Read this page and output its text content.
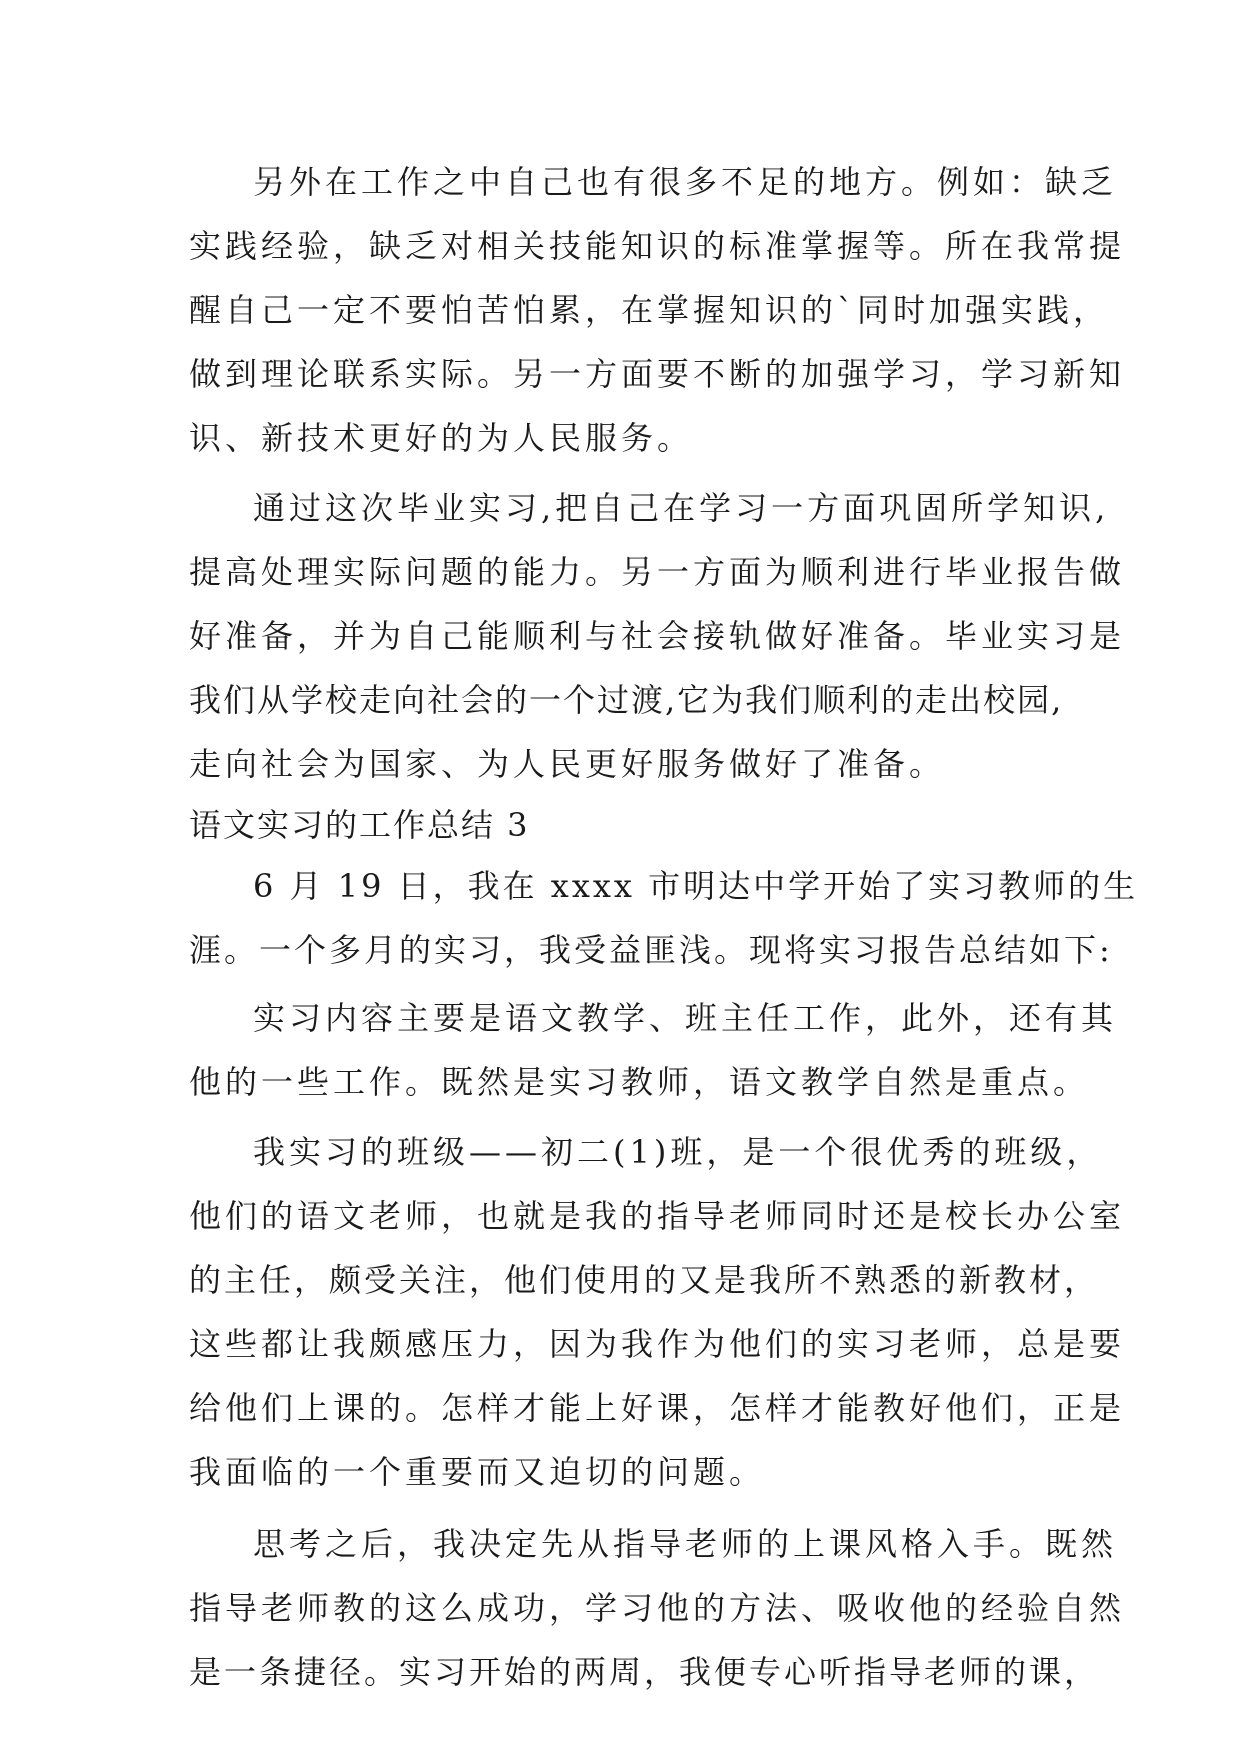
另外在工作之中自己也有很多不足的地方。例如：缺乏
实践经验，缺乏对相关技能知识的标准掌握等。所在我常提
醒自己一定不要怕苦怕累，在掌握知识的`同时加强实践，
做到理论联系实际。另一方面要不断的加强学习，学习新知
识、新技术更好的为人民服务。
通过这次毕业实习,把自己在学习一方面巩固所学知识,
提高处理实际问题的能力。另一方面为顺利进行毕业报告做
好准备，并为自己能顺利与社会接轨做好准备。毕业实习是
我们从学校走向社会的一个过渡,它为我们顺利的走出校园,
走向社会为国家、为人民更好服务做好了准备。
语文实习的工作总结 3
6 月 19 日，我在 xxxx 市明达中学开始了实习教师的生
涯。一个多月的实习，我受益匪浅。现将实习报告总结如下:
实习内容主要是语文教学、班主任工作，此外，还有其
他的一些工作。既然是实习教师，语文教学自然是重点。
我实习的班级——初二(1)班，是一个很优秀的班级，
他们的语文老师，也就是我的指导老师同时还是校长办公室
的主任，颇受关注，他们使用的又是我所不熟悉的新教材，
这些都让我颇感压力，因为我作为他们的实习老师，总是要
给他们上课的。怎样才能上好课，怎样才能教好他们，正是
我面临的一个重要而又迫切的问题。
思考之后，我决定先从指导老师的上课风格入手。既然
指导老师教的这么成功，学习他的方法、吸收他的经验自然
是一条捷径。实习开始的两周，我便专心听指导老师的课，
